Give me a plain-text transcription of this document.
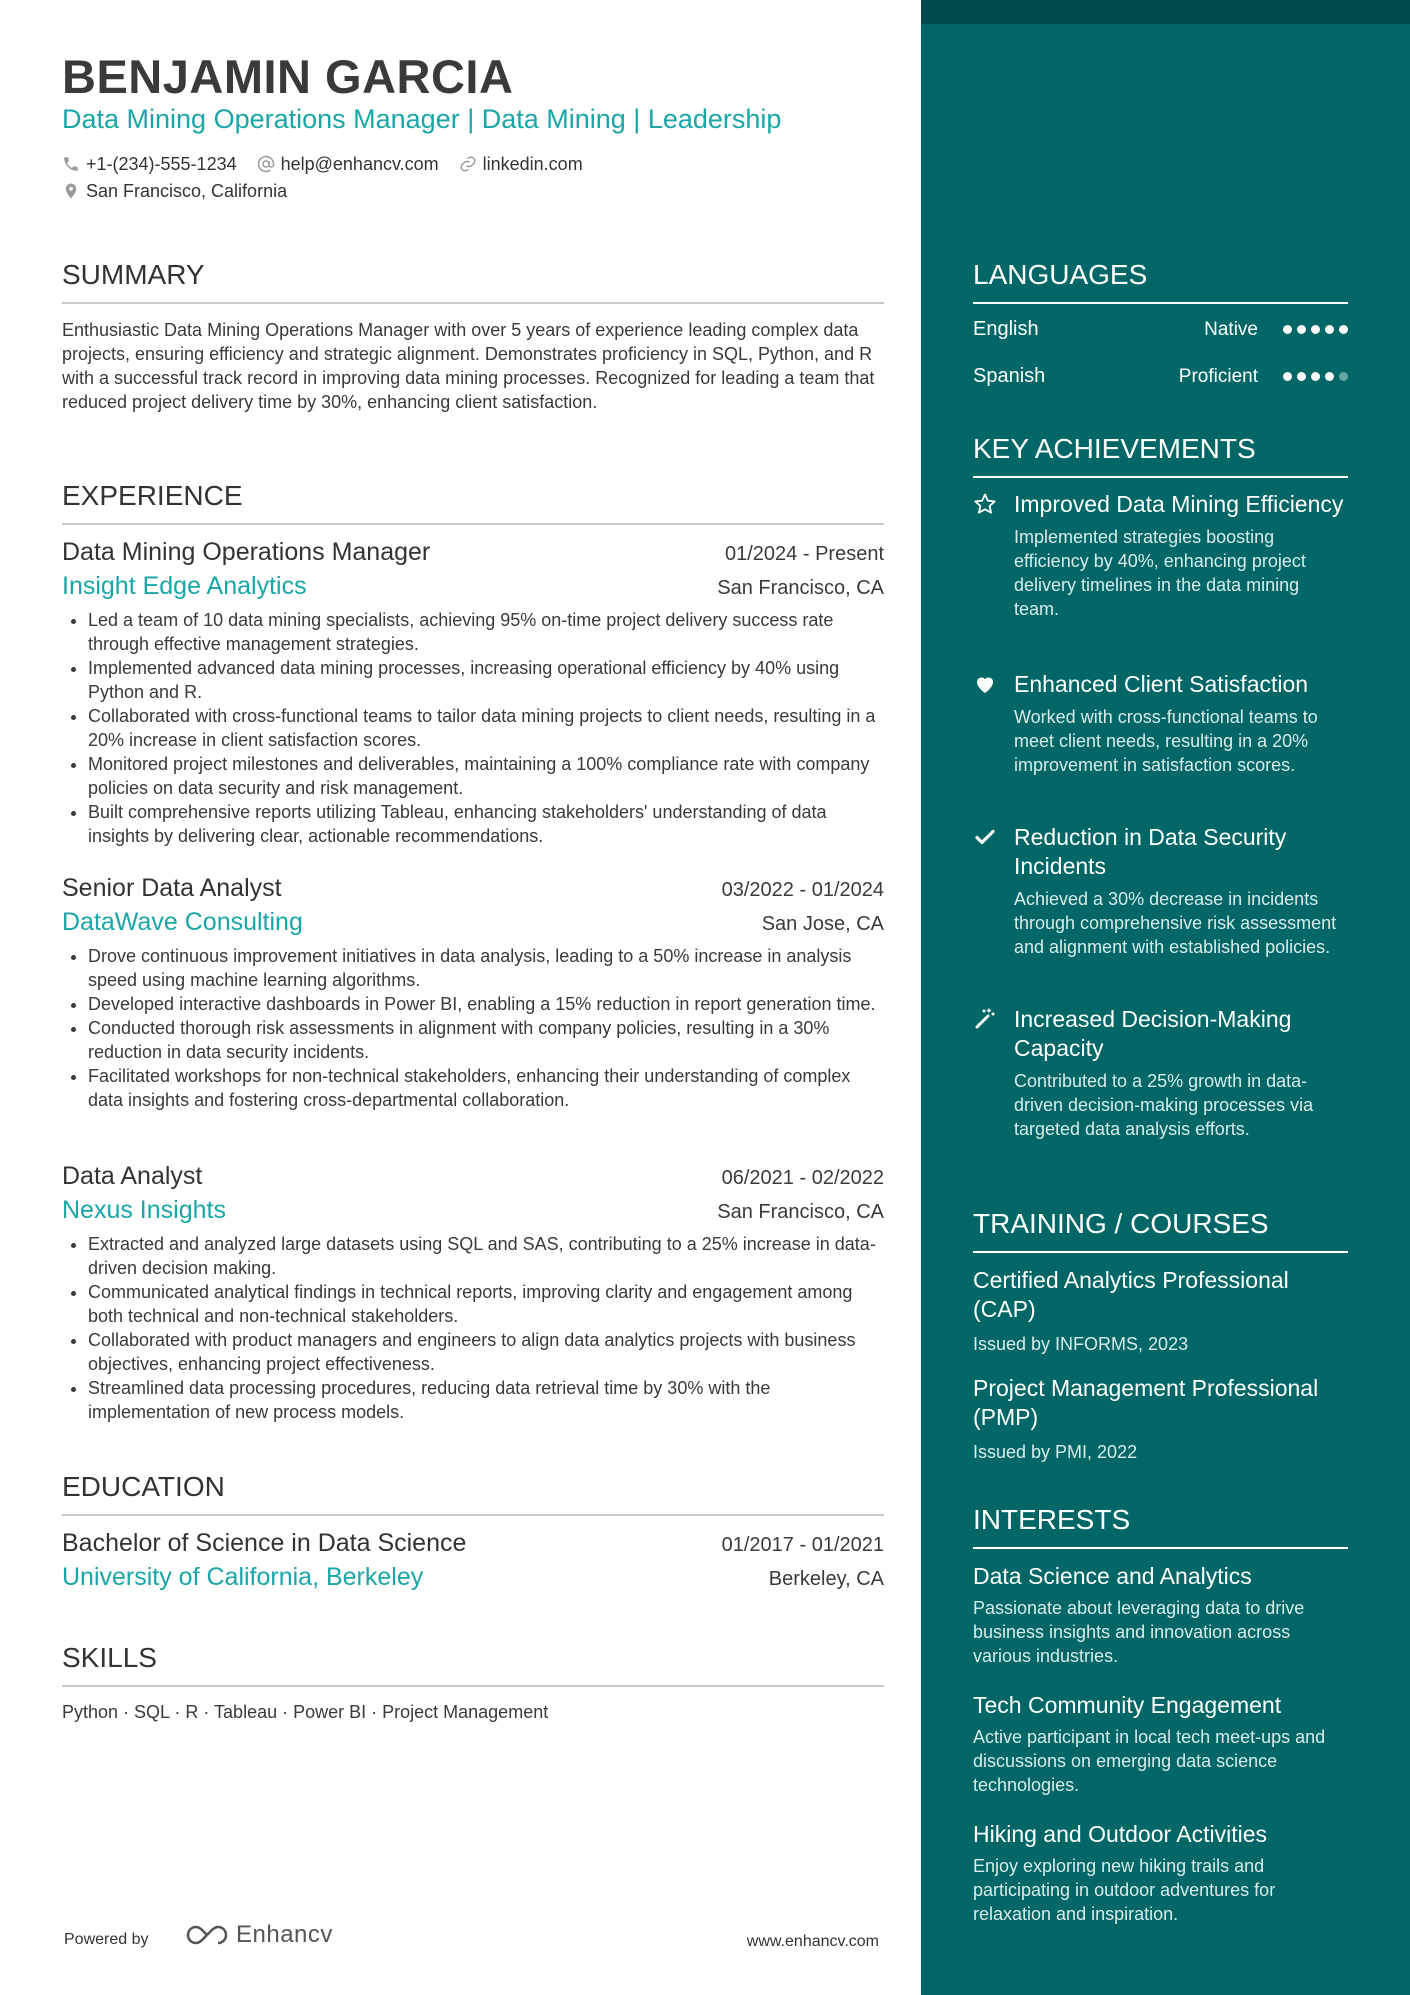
BENJAMIN GARCIA
Data Mining Operations Manager | Data Mining | Leadership
+1-(234)-555-1234 help@enhancv.com linkedin.com
San Francisco, California
SUMMARY

Enthusiastic Data Mining Operations Manager with over 5 years of experience leading complex data projects, ensuring efficiency and strategic alignment. Demonstrates proficiency in SQL, Python, and R with a successful track record in improving data mining processes. Recognized for leading a team that reduced project delivery time by 30%, enhancing client satisfaction.

EXPERIENCE
Data Mining Operations Manager	01/2024 - Present
Insight Edge Analytics	San Francisco, CA
• Led a team of 10 data mining specialists, achieving 95% on-time project delivery success rate through effective management strategies.
• Implemented advanced data mining processes, increasing operational efficiency by 40% using Python and R.
• Collaborated with cross-functional teams to tailor data mining projects to client needs, resulting in a 20% increase in client satisfaction scores.
• Monitored project milestones and deliverables, maintaining a 100% compliance rate with company policies on data security and risk management.
• Built comprehensive reports utilizing Tableau, enhancing stakeholders' understanding of data insights by delivering clear, actionable recommendations.
Senior Data Analyst	03/2022 - 01/2024
DataWave Consulting	San Jose, CA
• Drove continuous improvement initiatives in data analysis, leading to a 50% increase in analysis speed using machine learning algorithms.
• Developed interactive dashboards in Power BI, enabling a 15% reduction in report generation time.
• Conducted thorough risk assessments in alignment with company policies, resulting in a 30% reduction in data security incidents.
• Facilitated workshops for non-technical stakeholders, enhancing their understanding of complex data insights and fostering cross-departmental collaboration.
Data Analyst	06/2021 - 02/2022
Nexus Insights	San Francisco, CA
• Extracted and analyzed large datasets using SQL and SAS, contributing to a 25% increase in data-driven decision making.
• Communicated analytical findings in technical reports, improving clarity and engagement among both technical and non-technical stakeholders.
• Collaborated with product managers and engineers to align data analytics projects with business objectives, enhancing project effectiveness.
• Streamlined data processing procedures, reducing data retrieval time by 30% with the implementation of new process models.
EDUCATION
Bachelor of Science in Data Science	01/2017 - 01/2021
University of California, Berkeley	Berkeley, CA
SKILLS
Python · SQL · R · Tableau · Power BI · Project Management
Powered by	Enhancv	www.enhancv.com
LANGUAGES
English	Native
Spanish	Proficient
KEY ACHIEVEMENTS
Improved Data Mining Efficiency
Implemented strategies boosting efficiency by 40%, enhancing project delivery timelines in the data mining team.
Enhanced Client Satisfaction
Worked with cross-functional teams to meet client needs, resulting in a 20% improvement in satisfaction scores.
Reduction in Data Security Incidents
Achieved a 30% decrease in incidents through comprehensive risk assessment and alignment with established policies.
Increased Decision-Making Capacity
Contributed to a 25% growth in data-driven decision-making processes via targeted data analysis efforts.
TRAINING / COURSES
Certified Analytics Professional (CAP)
Issued by INFORMS, 2023
Project Management Professional (PMP)
Issued by PMI, 2022
INTERESTS
Data Science and Analytics
Passionate about leveraging data to drive business insights and innovation across various industries.
Tech Community Engagement
Active participant in local tech meet-ups and discussions on emerging data science technologies.
Hiking and Outdoor Activities
Enjoy exploring new hiking trails and participating in outdoor adventures for relaxation and inspiration.
